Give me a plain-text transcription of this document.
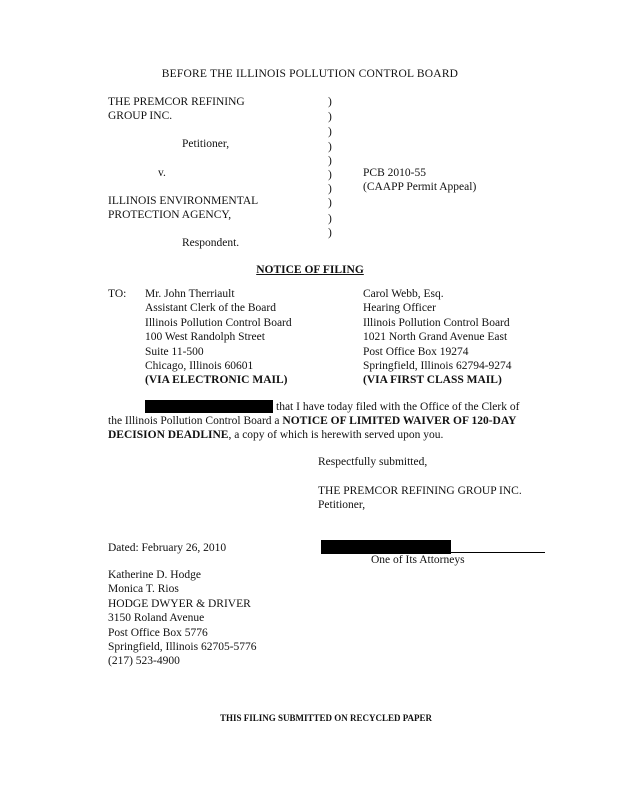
BEFORE THE ILLINOIS POLLUTION CONTROL BOARD
THE PREMCOR REFINING
GROUP INC.
Petitioner,
v.
ILLINOIS ENVIRONMENTAL
PROTECTION AGENCY,
Respondent.
)
)
)
)
)
)
)
)
)
)
PCB 2010-55
(CAAPP Permit Appeal)
NOTICE OF FILING
TO: Mr. John Therriault
Assistant Clerk of the Board
Illinois Pollution Control Board
100 West Randolph Street
Suite 11-500
Chicago, Illinois 60601
(VIA ELECTRONIC MAIL)
Carol Webb, Esq.
Hearing Officer
Illinois Pollution Control Board
1021 North Grand Avenue East
Post Office Box 19274
Springfield, Illinois 62794-9274
(VIA FIRST CLASS MAIL)
that I have today filed with the Office of the Clerk of
the Illinois Pollution Control Board a NOTICE OF LIMITED WAIVER OF 120-DAY
DECISION DEADLINE, a copy of which is herewith served upon you.
Respectfully submitted,
THE PREMCOR REFINING GROUP INC.
Petitioner,
Dated: February 26, 2010
One of Its Attorneys
Katherine D. Hodge
Monica T. Rios
HODGE DWYER & DRIVER
3150 Roland Avenue
Post Office Box 5776
Springfield, Illinois 62705-5776
(217) 523-4900
THIS FILING SUBMITTED ON RECYCLED PAPER
